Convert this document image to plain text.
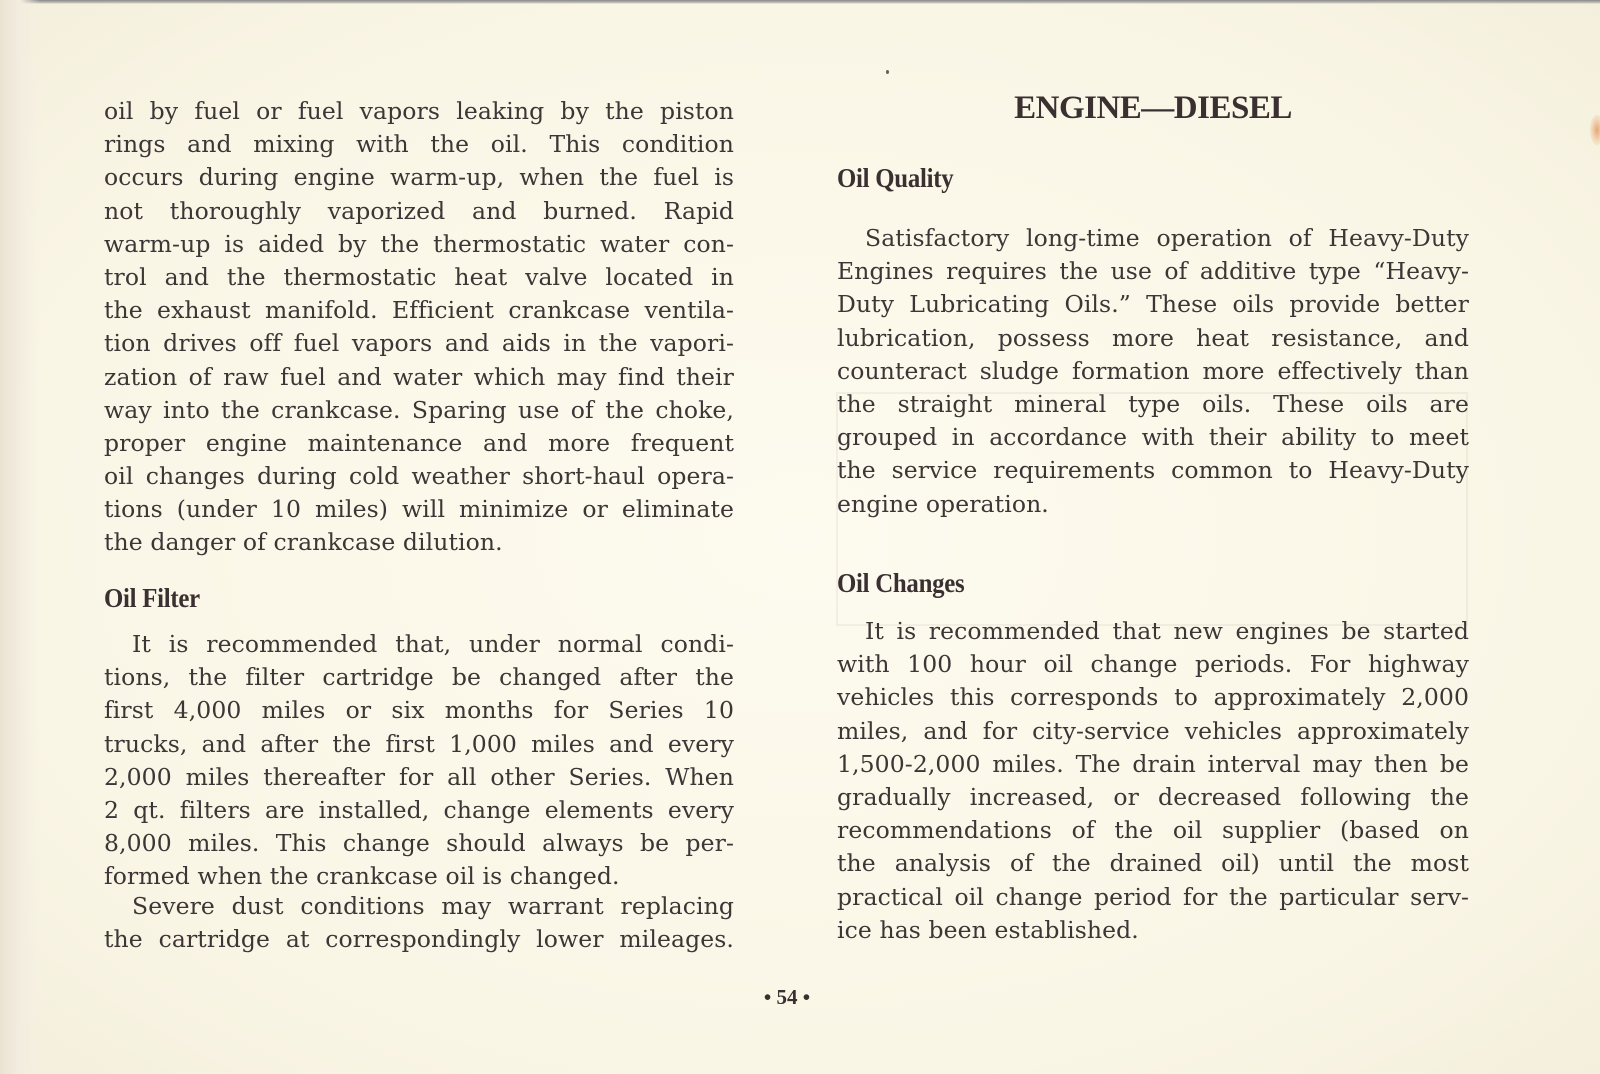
oil by fuel or fuel vapors leaking by the piston
rings and mixing with the oil. This condition
occurs during engine warm-up, when the fuel is
not thoroughly vaporized and burned. Rapid
warm-up is aided by the thermostatic water con-
trol and the thermostatic heat valve located in
the exhaust manifold. Efficient crankcase ventila-
tion drives off fuel vapors and aids in the vapori-
zation of raw fuel and water which may find their
way into the crankcase. Sparing use of the choke,
proper engine maintenance and more frequent
oil changes during cold weather short-haul opera-
tions (under 10 miles) will minimize or eliminate
the danger of crankcase dilution.
Oil Filter
It is recommended that, under normal condi-
tions, the filter cartridge be changed after the
first 4,000 miles or six months for Series 10
trucks, and after the first 1,000 miles and every
2,000 miles thereafter for all other Series. When
2 qt. filters are installed, change elements every
8,000 miles. This change should always be per-
formed when the crankcase oil is changed.
Severe dust conditions may warrant replacing
the cartridge at correspondingly lower mileages.
ENGINE—DIESEL
Oil Quality
Satisfactory long-time operation of Heavy-Duty
Engines requires the use of additive type “Heavy-
Duty Lubricating Oils.” These oils provide better
lubrication, possess more heat resistance, and
counteract sludge formation more effectively than
the straight mineral type oils. These oils are
grouped in accordance with their ability to meet
the service requirements common to Heavy-Duty
engine operation.
Oil Changes
It is recommended that new engines be started
with 100 hour oil change periods. For highway
vehicles this corresponds to approximately 2,000
miles, and for city-service vehicles approximately
1,500-2,000 miles. The drain interval may then be
gradually increased, or decreased following the
recommendations of the oil supplier (based on
the analysis of the drained oil) until the most
practical oil change period for the particular serv-
ice has been established.
• 54 •
